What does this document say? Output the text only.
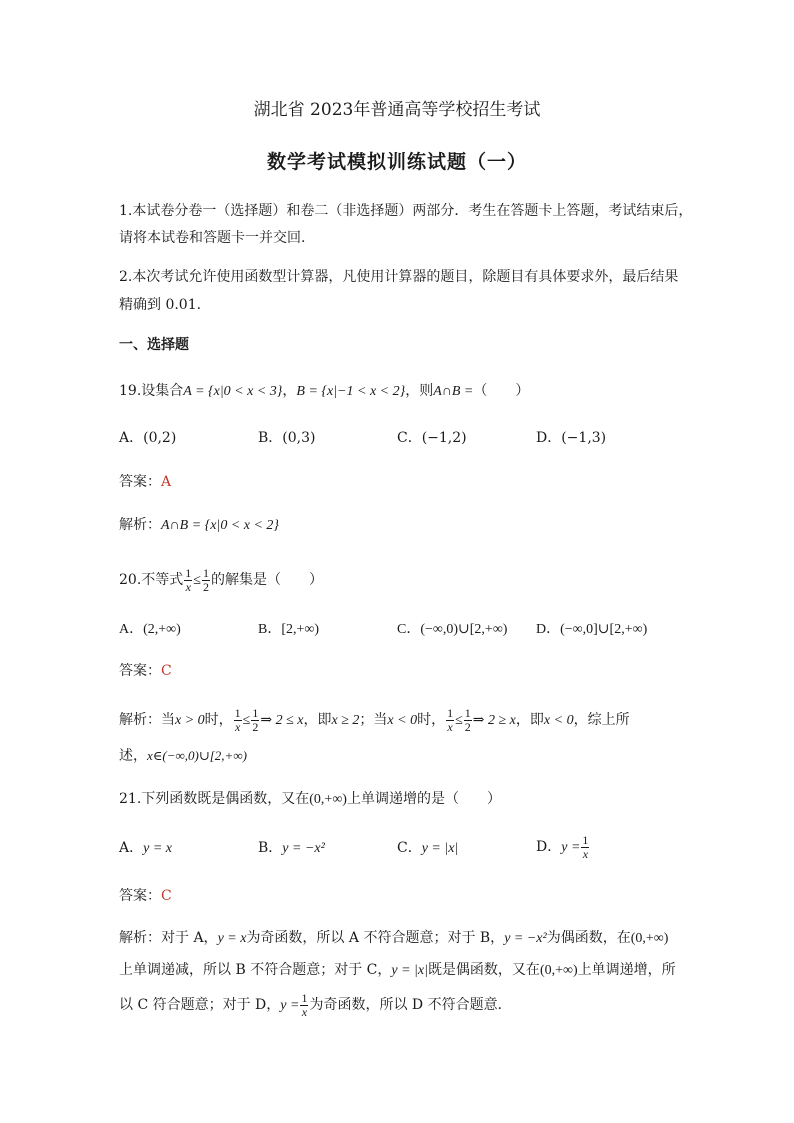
湖北省 2023年普通高等学校招生考试
数学考试模拟训练试题（一）
1.本试卷分卷一（选择题）和卷二（非选择题）两部分．考生在答题卡上答题，考试结束后，
请将本试卷和答题卡一并交回.
2.本次考试允许使用函数型计算器，凡使用计算器的题目，除题目有具体要求外，最后结果
精确到 0.01.
一、选择题
19.设集合A = {x|0 < x < 3}，B = {x|−1 < x < 2}，则A∩B =（　　）
A．(0,2)	B．(0,3)	C．(−1,2)	D．(−1,3)
答案：A
解析：A∩B = {x|0 < x < 2}
20.不等式 $\frac{1}{x} \le \frac{1}{2}$ 的解集是（　　）
A．(2,+∞)	B．[2,+∞)	C．(−∞,0)∪[2,+∞) D．(−∞,0]∪[2,+∞)
答案：C
解析：当x > 0时， $\frac{1}{x} \le \frac{1}{2}$ ⇒ 2 ≤ x，即x ≥ 2；当x < 0时， $\frac{1}{x} \le \frac{1}{2}$ ⇒ 2 ≥ x，即x < 0，综上所
述，x∈(−∞,0)∪[2,+∞)
21.下列函数既是偶函数，又在(0,+∞)上单调递增的是（　　）
A．y = x	B．y = −x²	C．y = |x|	D．$y = \frac{1}{x}$
答案：C
解析：对于 A，y = x为奇函数，所以 A 不符合题意；对于 B，y = −x²为偶函数，在(0,+∞)
上单调递减，所以 B 不符合题意；对于 C，y = |x|既是偶函数，又在(0,+∞)上单调递增，所
以 C 符合题意；对于 D，$y = \frac{1}{x}$ 为奇函数，所以 D 不符合题意．
